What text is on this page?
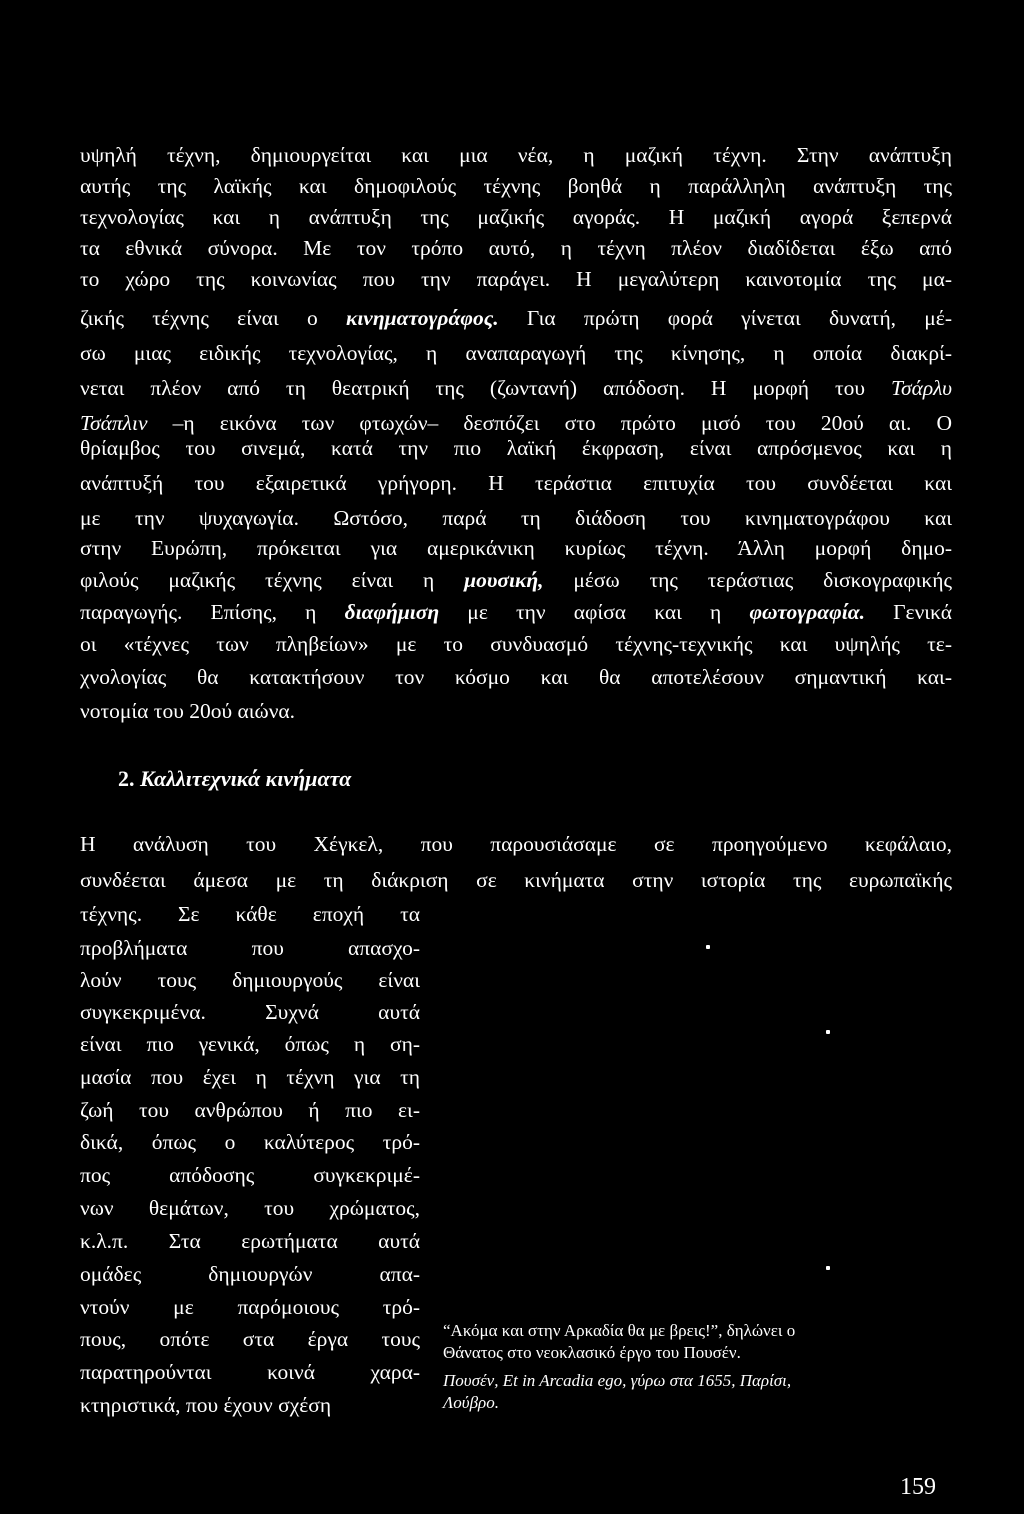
υψηλή τέχνη, δημιουργείται και μια νέα, η μαζική τέχνη. Στην ανάπτυξη
αυτής της λαϊκής και δημοφιλούς τέχνης βοηθά η παράλληλη ανάπτυξη της
τεχνολογίας και η ανάπτυξη της μαζικής αγοράς. Η μαζική αγορά ξεπερνά
τα εθνικά σύνορα. Με τον τρόπο αυτό, η τέχνη πλέον διαδίδεται έξω από
το χώρο της κοινωνίας που την παράγει. Η μεγαλύτερη καινοτομία της μα-
ζικής τέχνης είναι ο κινηματογράφος. Για πρώτη φορά γίνεται δυνατή, μέ-
σω μιας ειδικής τεχνολογίας, η αναπαραγωγή της κίνησης, η οποία διακρί-
νεται πλέον από τη θεατρική της (ζωντανή) απόδοση. Η μορφή του Τσάρλυ
Τσάπλιν –η εικόνα των φτωχών– δεσπόζει στο πρώτο μισό του 20ού αι. Ο
θρίαμβος του σινεμά, κατά την πιο λαϊκή έκφραση, είναι απρόσμενος και η
ανάπτυξή του εξαιρετικά γρήγορη. Η τεράστια επιτυχία του συνδέεται και
με την ψυχαγωγία. Ωστόσο, παρά τη διάδοση του κινηματογράφου και
στην Ευρώπη, πρόκειται για αμερικάνικη κυρίως τέχνη. Άλλη μορφή δημο-
φιλούς μαζικής τέχνης είναι η μουσική, μέσω της τεράστιας δισκογραφικής
παραγωγής. Επίσης, η διαφήμιση με την αφίσα και η φωτογραφία. Γενικά
οι «τέχνες των πληβείων» με το συνδυασμό τέχνης-τεχνικής και υψηλής τε-
χνολογίας θα κατακτήσουν τον κόσμο και θα αποτελέσουν σημαντική και-
νοτομία του 20ού αιώνα.
2. Καλλιτεχνικά κινήματα
Η ανάλυση του Χέγκελ, που παρουσιάσαμε σε προηγούμενο κεφάλαιο,
συνδέεται άμεσα με τη διάκριση σε κινήματα στην ιστορία της ευρωπαϊκής
τέχνης. Σε κάθε εποχή τα
προβλήματα που απασχο-
λούν τους δημιουργούς είναι
συγκεκριμένα. Συχνά αυτά
είναι πιο γενικά, όπως η ση-
μασία που έχει η τέχνη για τη
ζωή του ανθρώπου ή πιο ει-
δικά, όπως ο καλύτερος τρό-
πος απόδοσης συγκεκριμέ-
νων θεμάτων, του χρώματος,
κ.λ.π. Στα ερωτήματα αυτά
ομάδες δημιουργών απα-
ντούν με παρόμοιους τρό-
πους, οπότε στα έργα τους
παρατηρούνται κοινά χαρα-
κτηριστικά, που έχουν σχέση
“Ακόμα και στην Αρκαδία θα με βρεις!”, δηλώνει ο
Θάνατος στο νεοκλασικό έργο του Πουσέν.
Πουσέν, Et in Arcadia ego, γύρω στα 1655, Παρίσι,
Λούβρο.
159
